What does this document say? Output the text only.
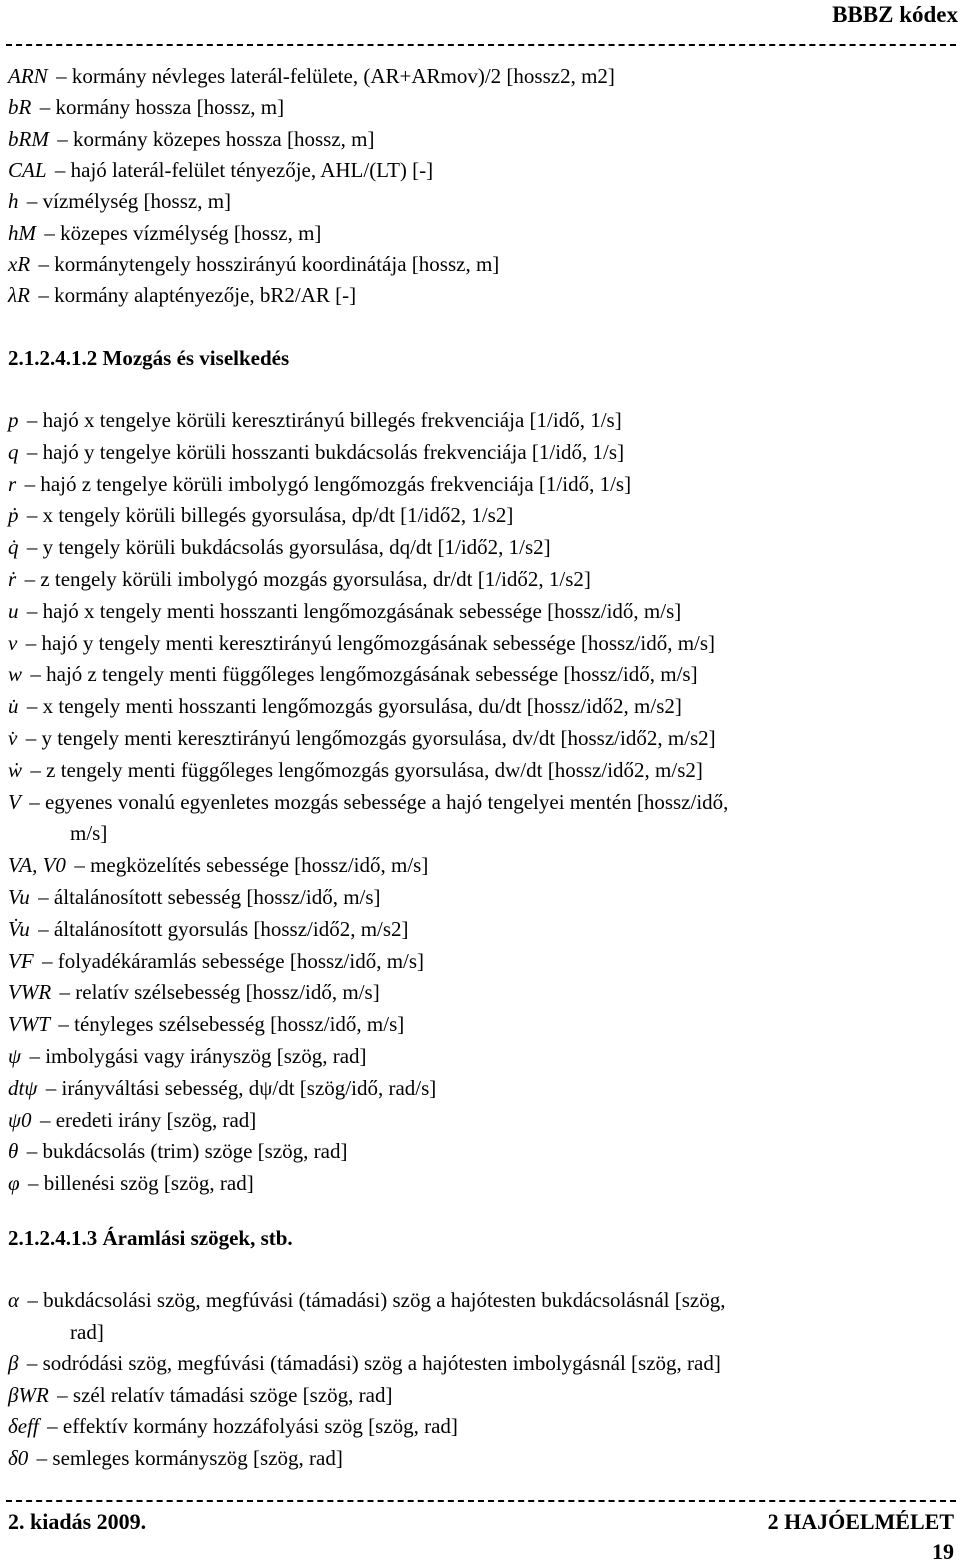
BBBZ kódex
ARN – kormány névleges laterál-felülete, (AR+ARmov)/2 [hossz2, m2]
bR – kormány hossza [hossz, m]
bRM – kormány közepes hossza [hossz, m]
CAL – hajó laterál-felület tényezője, AHL/(LT) [-]
h – vízmélység [hossz, m]
hM – közepes vízmélység [hossz, m]
xR – kormánytengely hosszirányú koordinátája [hossz, m]
λR – kormány alaptényezője, bR2/AR [-]
2.1.2.4.1.2 Mozgás és viselkedés
p – hajó x tengelye körüli keresztirányú billegés frekvenciája [1/idő, 1/s]
q – hajó y tengelye körüli hosszanti bukdácsolás frekvenciája [1/idő, 1/s]
r – hajó z tengelye körüli imbolygó lengőmozgás frekvenciája [1/idő, 1/s]
ṗ – x tengely körüli billegés gyorsulása, dp/dt [1/idő2, 1/s2]
q̇ – y tengely körüli bukdácsolás gyorsulása, dq/dt [1/idő2, 1/s2]
ṙ – z tengely körüli imbolygó mozgás gyorsulása, dr/dt [1/idő2, 1/s2]
u – hajó x tengely menti hosszanti lengőmozgásának sebessége [hossz/idő, m/s]
v – hajó y tengely menti keresztirányú lengőmozgásának sebessége [hossz/idő, m/s]
w – hajó z tengely menti függőleges lengőmozgásának sebessége [hossz/idő, m/s]
u̇ – x tengely menti hosszanti lengőmozgás gyorsulása, du/dt [hossz/idő2, m/s2]
v̇ – y tengely menti keresztirányú lengőmozgás gyorsulása, dv/dt [hossz/idő2, m/s2]
ẇ – z tengely menti függőleges lengőmozgás gyorsulása, dw/dt [hossz/idő2, m/s2]
V – egyenes vonalú egyenletes mozgás sebessége a hajó tengelyei mentén [hossz/idő,
m/s]
VA, V0 – megközelítés sebessége [hossz/idő, m/s]
Vu – általánosított sebesség [hossz/idő, m/s]
V̇u – általánosított gyorsulás [hossz/idő2, m/s2]
VF – folyadékáramlás sebessége [hossz/idő, m/s]
VWR – relatív szélsebesség [hossz/idő, m/s]
VWT – tényleges szélsebesség [hossz/idő, m/s]
ψ – imbolygási vagy irányszög [szög, rad]
dtψ – irányváltási sebesség, dψ/dt [szög/idő, rad/s]
ψ0 – eredeti irány [szög, rad]
θ – bukdácsolás (trim) szöge [szög, rad]
φ – billenési szög [szög, rad]
2.1.2.4.1.3 Áramlási szögek, stb.
α – bukdácsolási szög, megfúvási (támadási) szög a hajótesten bukdácsolásnál [szög,
rad]
β – sodródási szög, megfúvási (támadási) szög a hajótesten imbolygásnál [szög, rad]
βWR – szél relatív támadási szöge [szög, rad]
δeff – effektív kormány hozzáfolyási szög [szög, rad]
δ0 – semleges kormányszög [szög, rad]
2. kiadás 2009.	2 HAJÓELMÉLET
19
